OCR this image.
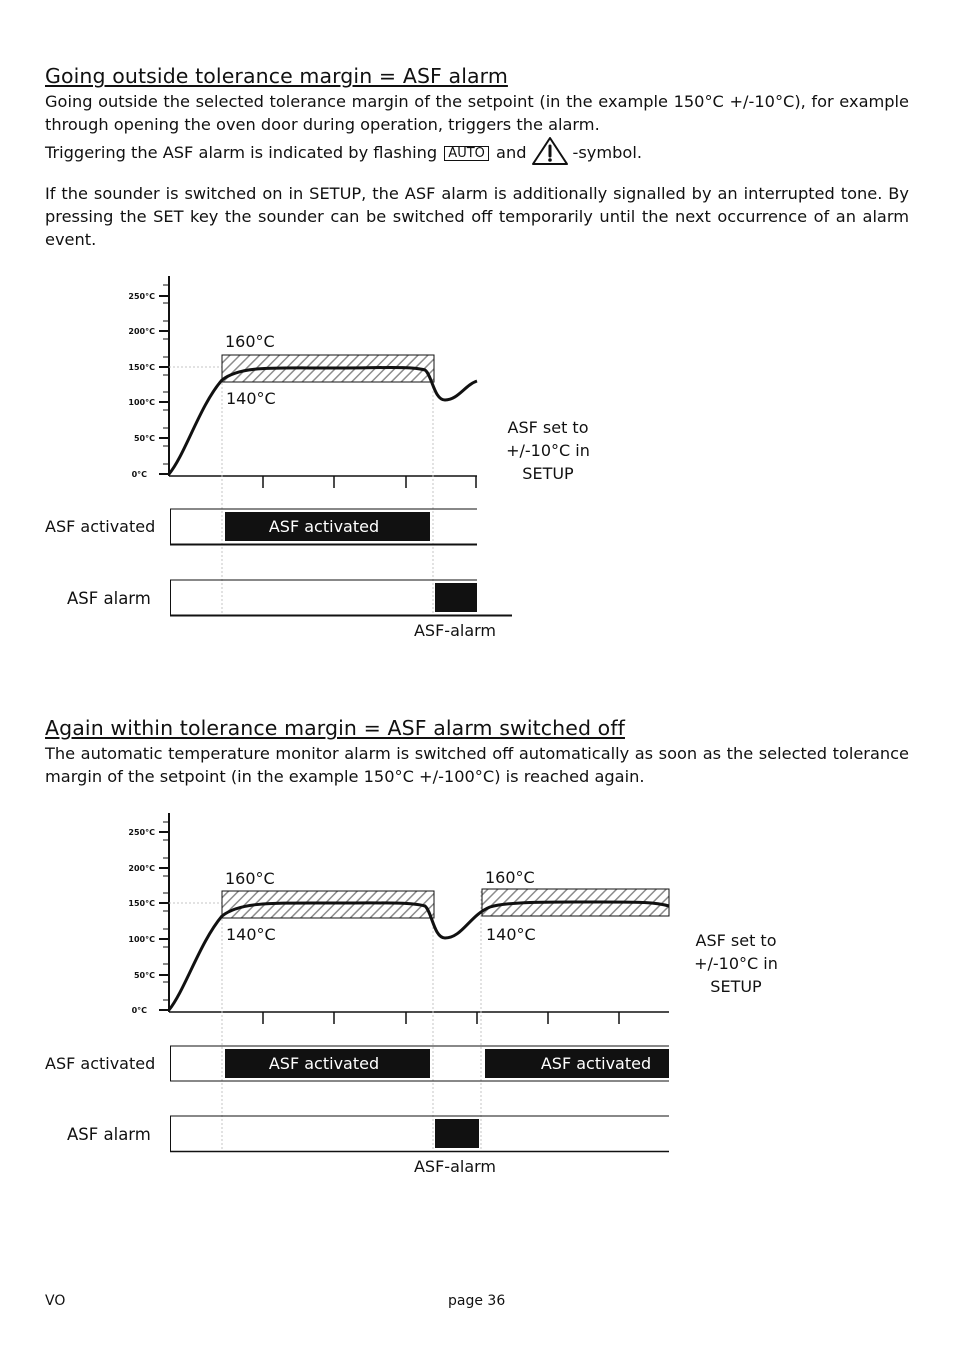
Going outside tolerance margin = ASF alarm

Going outside the selected tolerance margin of the setpoint (in the example 150°C +/-10°C), for example through opening the oven door during operation, triggers the alarm.

Triggering the ASF alarm is indicated by flashing AUTO and	-symbol.

If the sounder is switched on in SETUP, the ASF alarm is additionally signalled by an interrupted tone. By pressing the SET key the sounder can be switched off temporarily until the next occurrence of an alarm event.

250°C
200°C
150°C
100°C
50°C
0°C
160°C
140°C
ASF set to
+/-10°C in
SETUP
ASF activated	ASF activated
ASF alarm
ASF-alarm
250°C
200°C
150°C
100°C
50°C
0°C
160°C
140°C
160°C
140°C	ASF set to
+/-10°C in
SETUP
ASF activated	ASF activated	ASF activated
ASF alarm
ASF-alarm
Again within tolerance margin = ASF alarm switched off

The automatic temperature monitor alarm is switched off automatically as soon as the selected tolerance margin of the setpoint (in the example 150°C +/-100°C) is reached again.

VO	page 36
